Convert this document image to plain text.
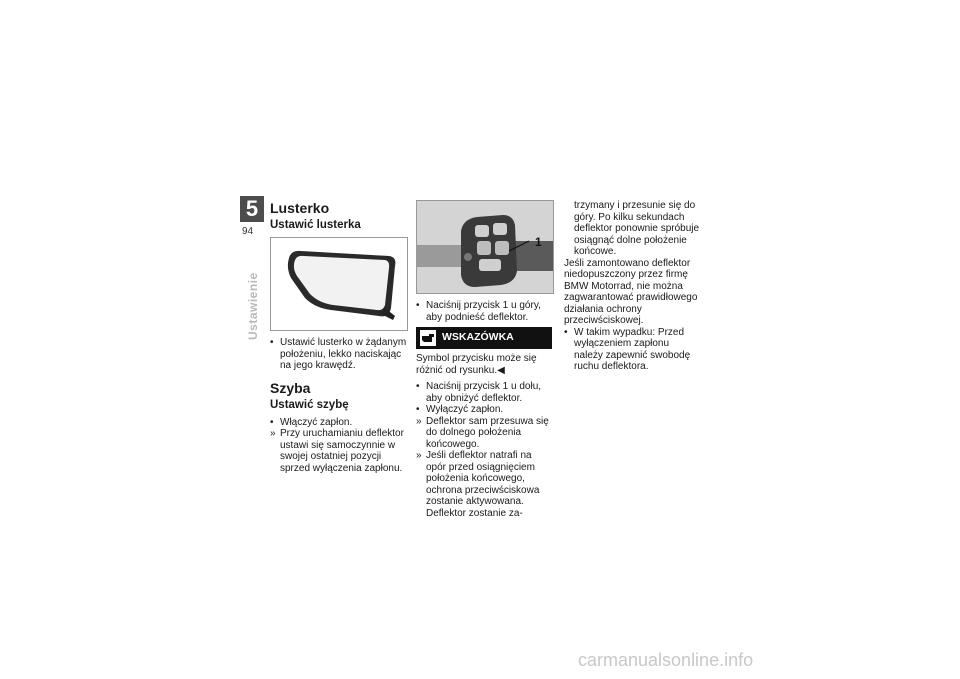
5
94
Ustawienie
Lusterko
Ustawić lusterka
• Ustawić lusterko w żądanym położeniu, lekko naciskając na jego krawędź.
Szyba
Ustawić szybę
• Włączyć zapłon.
» Przy uruchamianiu deflektor ustawi się samoczynnie w swojej ostatniej pozycji sprzed wyłączenia zapłonu.
1
• Naciśnij przycisk 1 u góry, aby podnieść deflektor.
WSKAZÓWKA

Symbol przycisku może się różnić od rysunku.◀

• Naciśnij przycisk 1 u dołu, aby obniżyć deflektor.
• Wyłączyć zapłon.
» Deflektor sam przesuwa się do dolnego położenia końcowego.
» Jeśli deflektor natrafi na opór przed osiągnięciem położenia końcowego, ochrona przeciwściskowa zostanie aktywowana. Deflektor zostanie za-

trzymany i przesunie się do góry. Po kilku sekundach deflektor ponownie spróbuje osiągnąć dolne położenie końcowe.

Jeśli zamontowano deflektor niedopuszczony przez firmę BMW Motorrad, nie można zagwarantować prawidłowego działania ochrony przeciwściskowej.

• W takim wypadku: Przed wyłączeniem zapłonu należy zapewnić swobodę ruchu deflektora.
carmanualsonline.info
